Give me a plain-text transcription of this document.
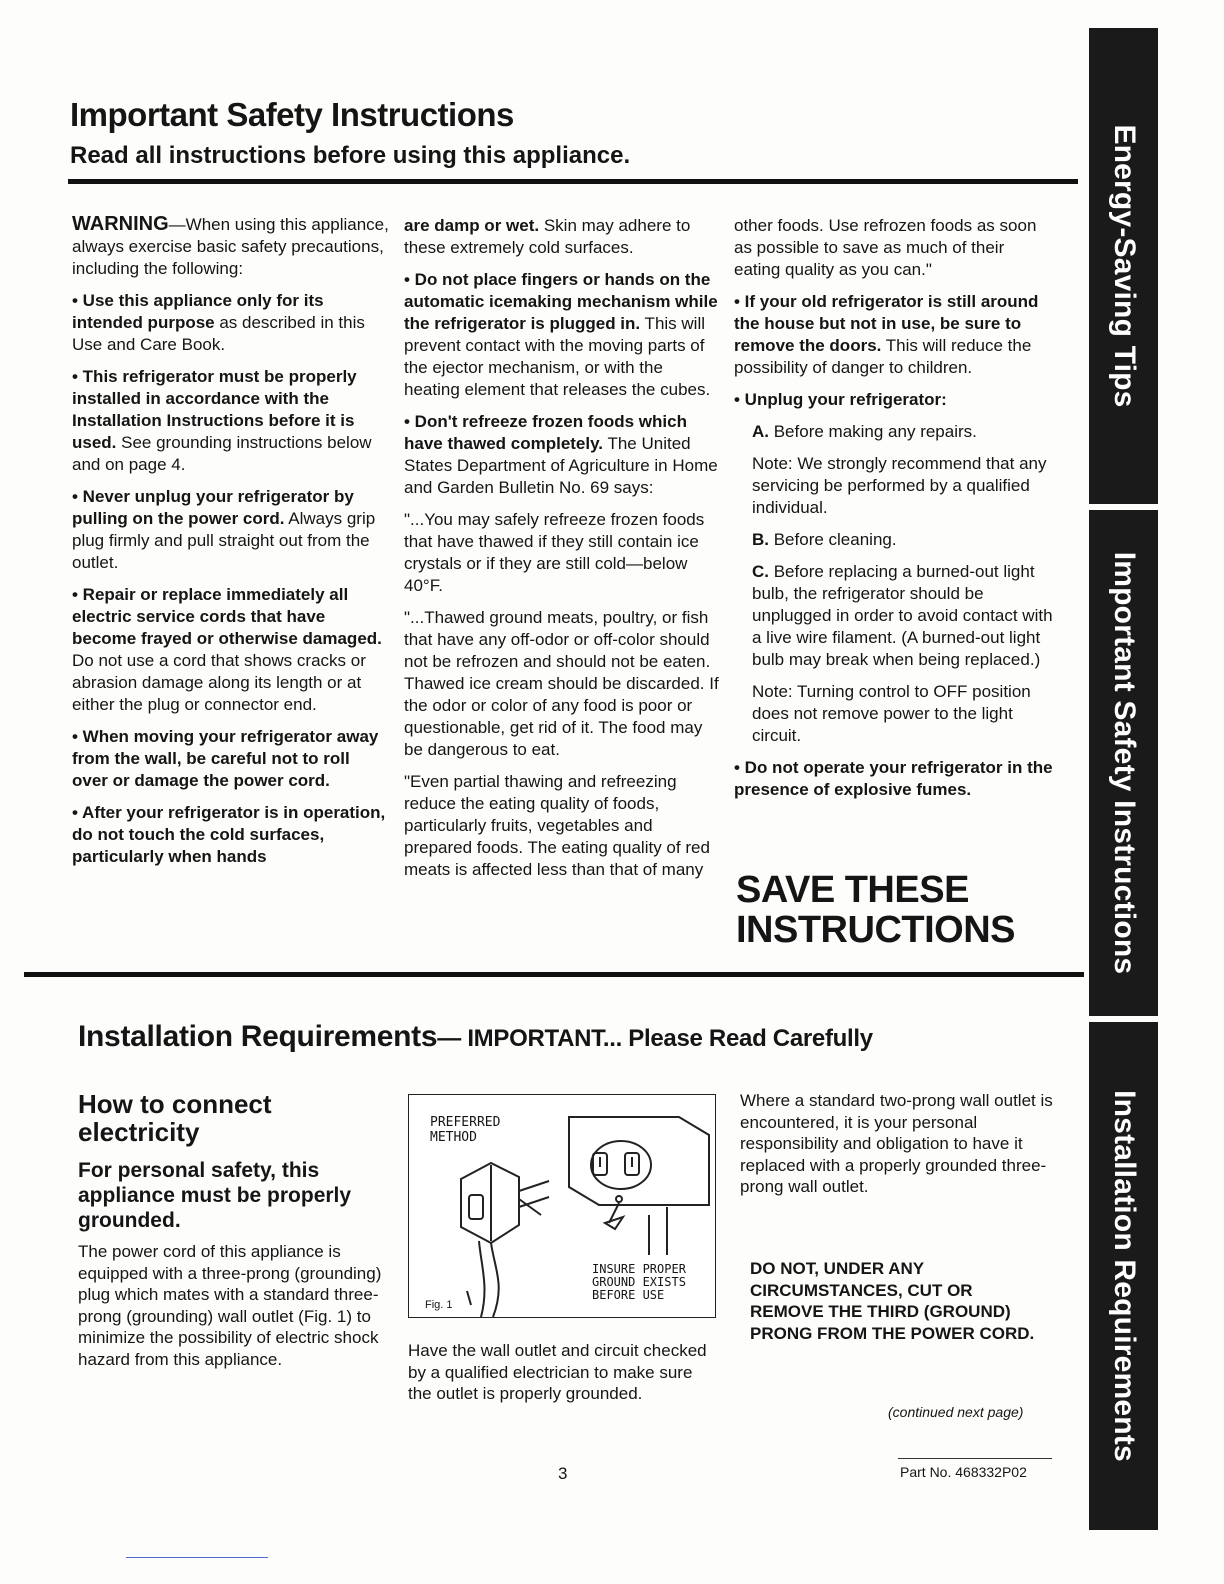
Important Safety Instructions
Read all instructions before using this appliance.

WARNING—When using this appliance, always exercise basic safety precautions, including the following:

• Use this appliance only for its intended purpose as described in this Use and Care Book.

• This refrigerator must be properly installed in accordance with the Installation Instructions before it is used. See grounding instructions below and on page 4.

• Never unplug your refrigerator by pulling on the power cord. Always grip plug firmly and pull straight out from the outlet.

• Repair or replace immediately all electric service cords that have become frayed or otherwise damaged. Do not use a cord that shows cracks or abrasion damage along its length or at either the plug or connector end.

• When moving your refrigerator away from the wall, be careful not to roll over or damage the power cord.

• After your refrigerator is in operation, do not touch the cold surfaces, particularly when hands

are damp or wet. Skin may adhere to these extremely cold surfaces.

• Do not place fingers or hands on the automatic icemaking mechanism while the refrigerator is plugged in. This will prevent contact with the moving parts of the ejector mechanism, or with the heating element that releases the cubes.

• Don't refreeze frozen foods which have thawed completely. The United States Department of Agriculture in Home and Garden Bulletin No. 69 says:

"...You may safely refreeze frozen foods that have thawed if they still contain ice crystals or if they are still cold—below 40°F.

"...Thawed ground meats, poultry, or fish that have any off-odor or off-color should not be refrozen and should not be eaten. Thawed ice cream should be discarded. If the odor or color of any food is poor or questionable, get rid of it. The food may be dangerous to eat.

"Even partial thawing and refreezing reduce the eating quality of foods, particularly fruits, vegetables and prepared foods. The eating quality of red meats is affected less than that of many

other foods. Use refrozen foods as soon as possible to save as much of their eating quality as you can."

• If your old refrigerator is still around the house but not in use, be sure to remove the doors. This will reduce the possibility of danger to children.

• Unplug your refrigerator:

A. Before making any repairs.

Note: We strongly recommend that any servicing be performed by a qualified individual.

B. Before cleaning.

C. Before replacing a burned-out light bulb, the refrigerator should be unplugged in order to avoid contact with a live wire filament. (A burned-out light bulb may break when being replaced.)

Note: Turning control to OFF position does not remove power to the light circuit.

• Do not operate your refrigerator in the presence of explosive fumes.

SAVE THESE
INSTRUCTIONS
Installation Requirements— IMPORTANT... Please Read Carefully
How to connect electricity
For personal safety, this appliance must be properly grounded.
The power cord of this appliance is equipped with a three-prong (grounding) plug which mates with a standard three-prong (grounding) wall outlet (Fig. 1) to minimize the possibility of electric shock hazard from this appliance.
PREFERRED
METHOD
INSURE PROPER
GROUND EXISTS
BEFORE USE
Fig. 1
Have the wall outlet and circuit checked by a qualified electrician to make sure the outlet is properly grounded.
Where a standard two-prong wall outlet is encountered, it is your personal responsibility and obligation to have it replaced with a properly grounded three-prong wall outlet.
DO NOT, UNDER ANY CIRCUMSTANCES, CUT OR REMOVE THE THIRD (GROUND) PRONG FROM THE POWER CORD.
(continued next page)
3	Part No. 468332P02
Energy-Saving Tips
Important Safety Instructions
Installation Requirements
